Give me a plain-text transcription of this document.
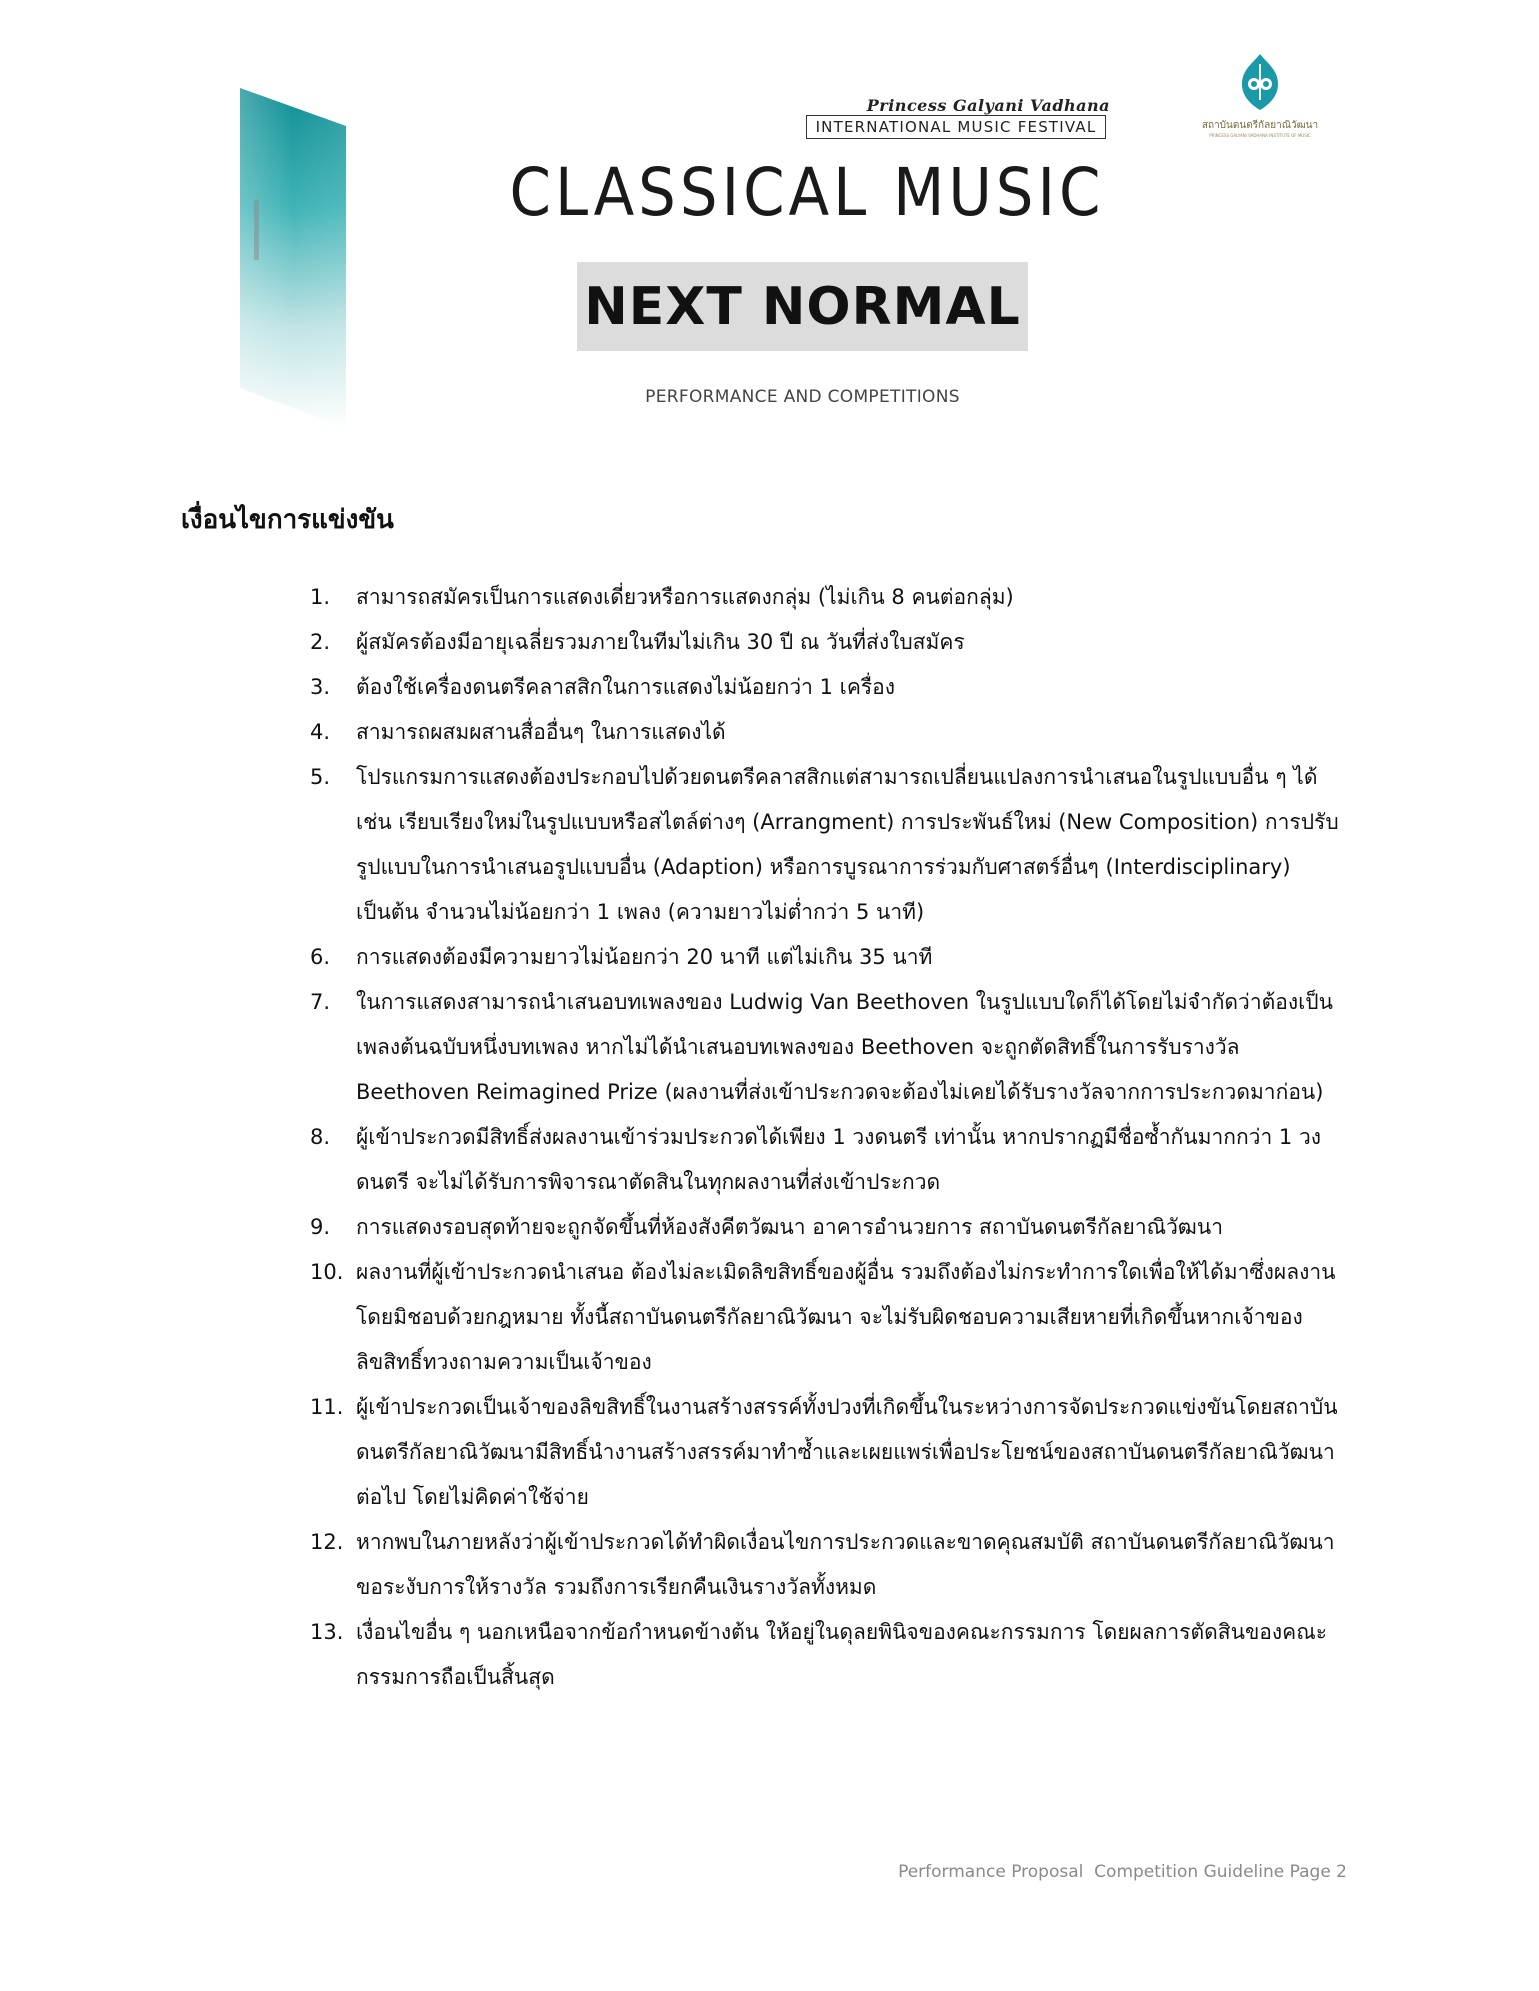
Princess Galyani Vadhana
INTERNATIONAL MUSIC FESTIVAL	สถาบันดนตรีกัลยาณิวัฒนา
PRINCESS GALYANI VADHANA INSTITUTE OF MUSIC
CLASSICAL MUSIC
NEXT NORMAL
PERFORMANCE AND COMPETITIONS
เงื่อนไขการแข่งขัน
1.	สามารถสมัครเป็นการแสดงเดี่ยวหรือการแสดงกลุ่ม (ไม่เกิน 8 คนต่อกลุ่ม)
2.	ผู้สมัครต้องมีอายุเฉลี่ยรวมภายในทีมไม่เกิน 30 ปี ณ วันที่ส่งใบสมัคร
3.	ต้องใช้เครื่องดนตรีคลาสสิกในการแสดงไม่น้อยกว่า 1 เครื่อง
4.	สามารถผสมผสานสื่ออื่นๆ ในการแสดงได้
5.	โปรแกรมการแสดงต้องประกอบไปด้วยดนตรีคลาสสิกแต่สามารถเปลี่ยนแปลงการนำเสนอในรูปแบบอื่น ๆ ได้ เช่น เรียบเรียงใหม่ในรูปแบบหรือสไตล์ต่างๆ (Arrangment) การประพันธ์ใหม่ (New Composition) การปรับรูปแบบในการนำเสนอรูปแบบอื่น (Adaption) หรือการบูรณาการร่วมกับศาสตร์อื่นๆ (Interdisciplinary) เป็นต้น จำนวนไม่น้อยกว่า 1 เพลง (ความยาวไม่ต่ำกว่า 5 นาที)
6.	การแสดงต้องมีความยาวไม่น้อยกว่า 20 นาที แต่ไม่เกิน 35 นาที
7.	ในการแสดงสามารถนำเสนอบทเพลงของ Ludwig Van Beethoven ในรูปแบบใดก็ได้โดยไม่จำกัดว่าต้องเป็นเพลงต้นฉบับหนึ่งบทเพลง หากไม่ได้นำเสนอบทเพลงของ Beethoven จะถูกตัดสิทธิ์ในการรับรางวัล Beethoven Reimagined Prize (ผลงานที่ส่งเข้าประกวดจะต้องไม่เคยได้รับรางวัลจากการประกวดมาก่อน)
8.	ผู้เข้าประกวดมีสิทธิ์ส่งผลงานเข้าร่วมประกวดได้เพียง 1 วงดนตรี เท่านั้น หากปรากฏมีชื่อซ้ำกันมากกว่า 1 วงดนตรี จะไม่ได้รับการพิจารณาตัดสินในทุกผลงานที่ส่งเข้าประกวด
9.	การแสดงรอบสุดท้ายจะถูกจัดขึ้นที่ห้องสังคีตวัฒนา อาคารอำนวยการ สถาบันดนตรีกัลยาณิวัฒนา
10. ผลงานที่ผู้เข้าประกวดนำเสนอ ต้องไม่ละเมิดลิขสิทธิ์ของผู้อื่น รวมถึงต้องไม่กระทำการใดเพื่อให้ได้มาซึ่งผลงานโดยมิชอบด้วยกฎหมาย ทั้งนี้สถาบันดนตรีกัลยาณิวัฒนา จะไม่รับผิดชอบความเสียหายที่เกิดขึ้นหากเจ้าของลิขสิทธิ์ทวงถามความเป็นเจ้าของ
11. ผู้เข้าประกวดเป็นเจ้าของลิขสิทธิ์ในงานสร้างสรรค์ทั้งปวงที่เกิดขึ้นในระหว่างการจัดประกวดแข่งขันโดยสถาบันดนตรีกัลยาณิวัฒนามีสิทธิ์นำงานสร้างสรรค์มาทำซ้ำและเผยแพร่เพื่อประโยชน์ของสถาบันดนตรีกัลยาณิวัฒนาต่อไป โดยไม่คิดค่าใช้จ่าย
12. หากพบในภายหลังว่าผู้เข้าประกวดได้ทำผิดเงื่อนไขการประกวดและขาดคุณสมบัติ สถาบันดนตรีกัลยาณิวัฒนา ขอระงับการให้รางวัล รวมถึงการเรียกคืนเงินรางวัลทั้งหมด
13. เงื่อนไขอื่น ๆ นอกเหนือจากข้อกำหนดข้างต้น ให้อยู่ในดุลยพินิจของคณะกรรมการ โดยผลการตัดสินของคณะกรรมการถือเป็นสิ้นสุด
Performance Proposal  Competition Guideline Page 2
